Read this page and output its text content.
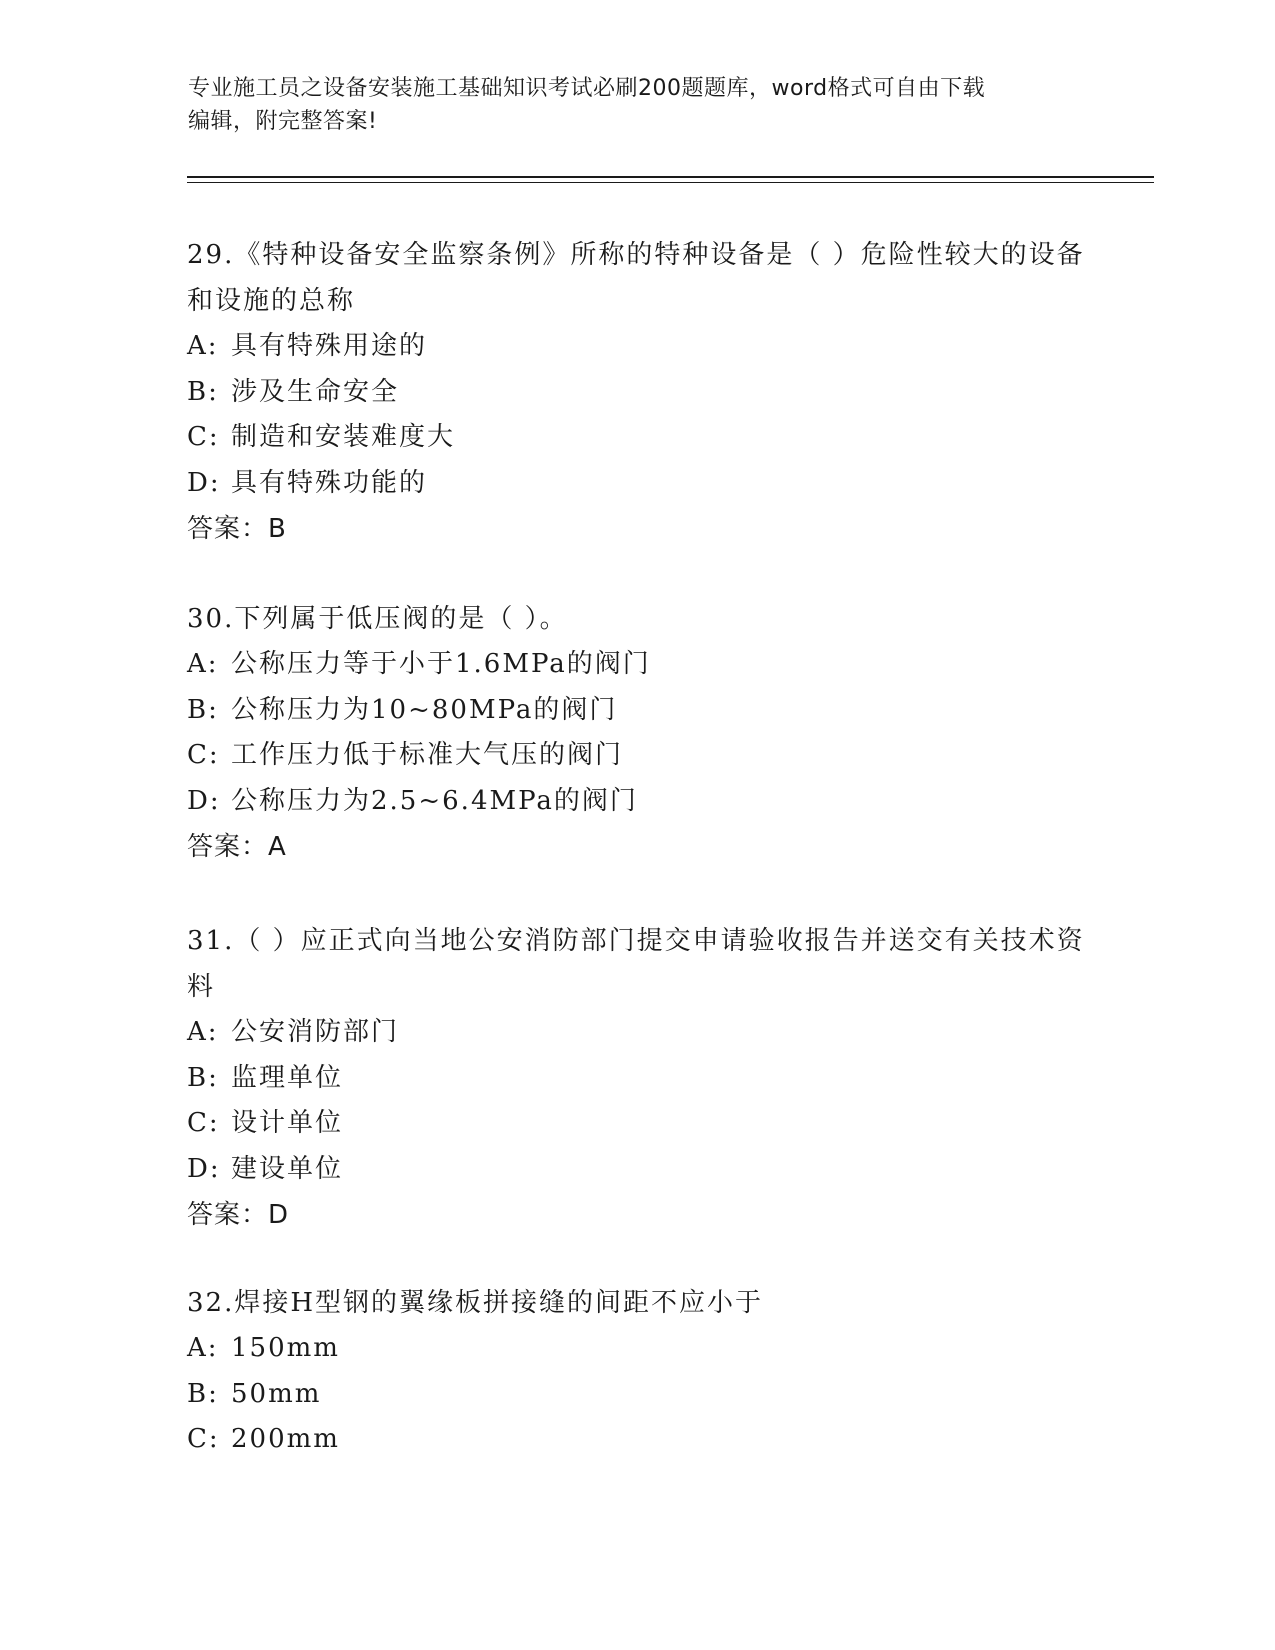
专业施工员之设备安装施工基础知识考试必刷200题题库，word格式可自由下载
编辑，附完整答案!
29.《特种设备安全监察条例》所称的特种设备是（ ）危险性较大的设备和设施的总称
A: 具有特殊用途的
B: 涉及生命安全
C: 制造和安装难度大
D: 具有特殊功能的
答案：B
30.下列属于低压阀的是（ ）。
A: 公称压力等于小于1.6MPa的阀门
B: 公称压力为10~80MPa的阀门
C: 工作压力低于标准大气压的阀门
D: 公称压力为2.5~6.4MPa的阀门
答案：A
31.（ ）应正式向当地公安消防部门提交申请验收报告并送交有关技术资料
A: 公安消防部门
B: 监理单位
C: 设计单位
D: 建设单位
答案：D
32.焊接H型钢的翼缘板拼接缝的间距不应小于
A: 150mm
B: 50mm
C: 200mm
